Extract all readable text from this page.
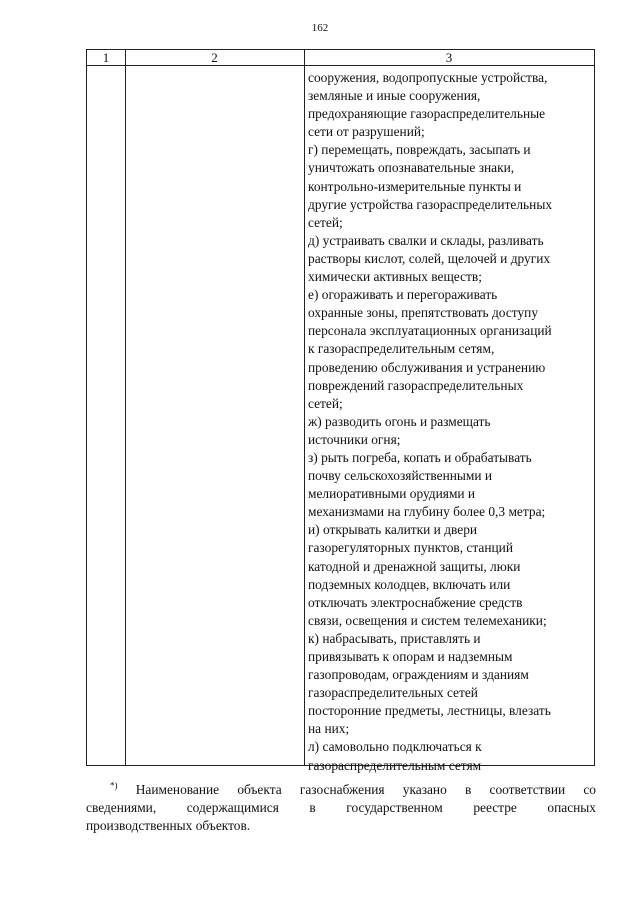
162
1	2	3
сооружения, водопропускные устройства,
земляные и иные сооружения,
предохраняющие газораспределительные
сети от разрушений;
г) перемещать, повреждать, засыпать и
уничтожать опознавательные знаки,
контрольно-измерительные пункты и
другие устройства газораспределительных
сетей;
д) устраивать свалки и склады, разливать
растворы кислот, солей, щелочей и других
химически активных веществ;
е) огораживать и перегораживать
охранные зоны, препятствовать доступу
персонала эксплуатационных организаций
к газораспределительным сетям,
проведению обслуживания и устранению
повреждений газораспределительных
сетей;
ж) разводить огонь и размещать
источники огня;
з) рыть погреба, копать и обрабатывать
почву сельскохозяйственными и
мелиоративными орудиями и
механизмами на глубину более 0,3 метра;
и) открывать калитки и двери
газорегуляторных пунктов, станций
катодной и дренажной защиты, люки
подземных колодцев, включать или
отключать электроснабжение средств
связи, освещения и систем телемеханики;
к) набрасывать, приставлять и
привязывать к опорам и надземным
газопроводам, ограждениям и зданиям
газораспределительных сетей
посторонние предметы, лестницы, влезать
на них;
л) самовольно подключаться к
газораспределительным сетям
*) Наименование объекта газоснабжения указано в соответствии со
сведениями, содержащимися в государственном реестре опасных
производственных объектов.
